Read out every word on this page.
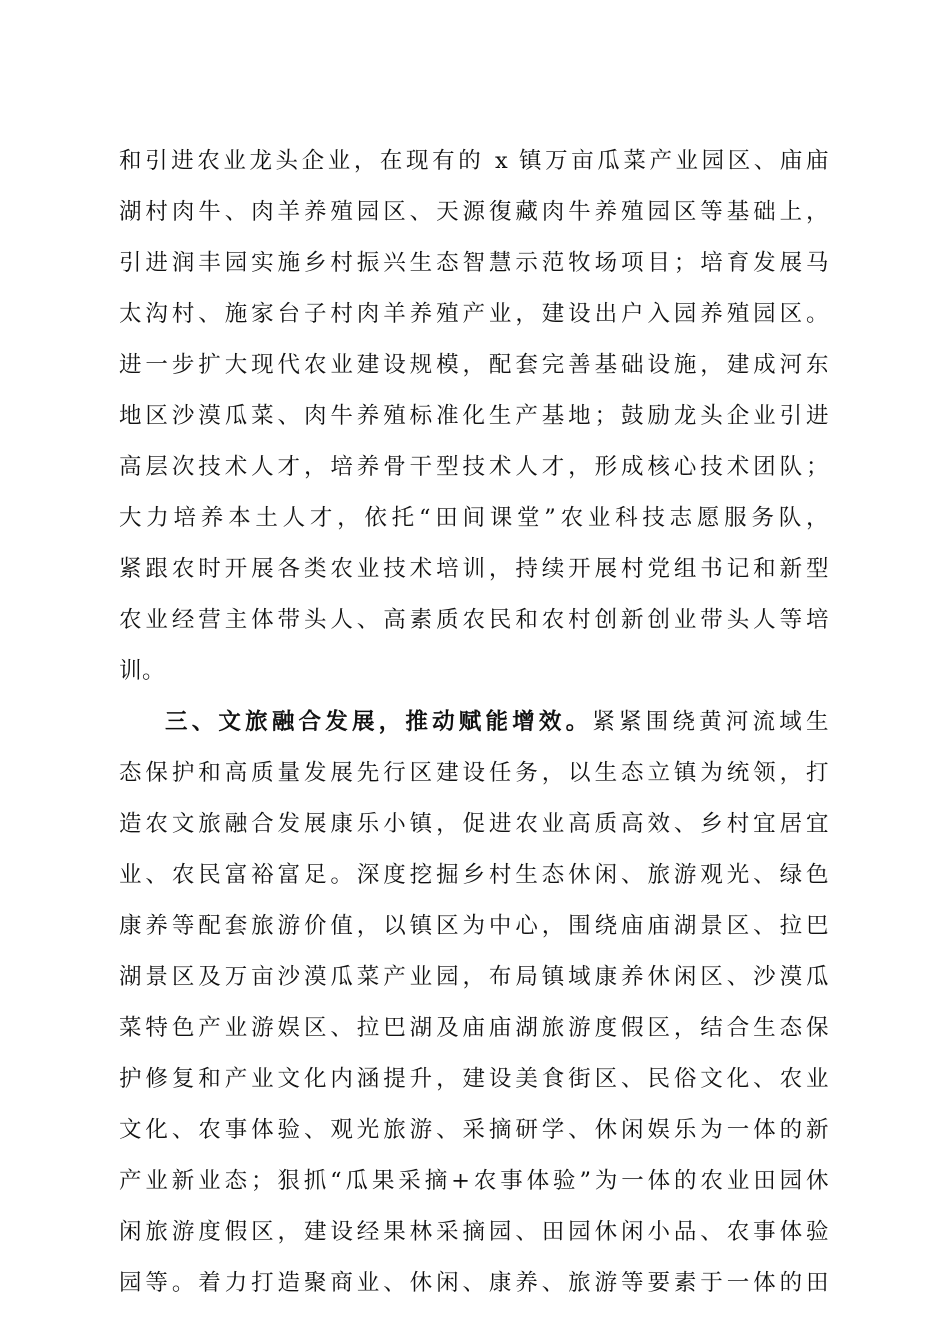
和引进农业龙头企业，在现有的 x 镇万亩瓜菜产业园区、庙庙
湖村肉牛、肉羊养殖园区、天源復藏肉牛养殖园区等基础上，
引进润丰园实施乡村振兴生态智慧示范牧场项目；培育发展马
太沟村、施家台子村肉羊养殖产业，建设出户入园养殖园区。
进一步扩大现代农业建设规模，配套完善基础设施，建成河东
地区沙漠瓜菜、肉牛养殖标准化生产基地；鼓励龙头企业引进
高层次技术人才，培养骨干型技术人才，形成核心技术团队；
大力培养本土人才，依托“田间课堂”农业科技志愿服务队，
紧跟农时开展各类农业技术培训，持续开展村党组书记和新型
农业经营主体带头人、高素质农民和农村创新创业带头人等培
训。
三、文旅融合发展，推动赋能增效。紧紧围绕黄河流域生
态保护和高质量发展先行区建设任务，以生态立镇为统领，打
造农文旅融合发展康乐小镇，促进农业高质高效、乡村宜居宜
业、农民富裕富足。深度挖掘乡村生态休闲、旅游观光、绿色
康养等配套旅游价值，以镇区为中心，围绕庙庙湖景区、拉巴
湖景区及万亩沙漠瓜菜产业园，布局镇域康养休闲区、沙漠瓜
菜特色产业游娱区、拉巴湖及庙庙湖旅游度假区，结合生态保
护修复和产业文化内涵提升，建设美食街区、民俗文化、农业
文化、农事体验、观光旅游、采摘研学、休闲娱乐为一体的新
产业新业态；狠抓“瓜果采摘+农事体验”为一体的农业田园休
闲旅游度假区，建设经果林采摘园、田园休闲小品、农事体验
园等。着力打造聚商业、休闲、康养、旅游等要素于一体的田
